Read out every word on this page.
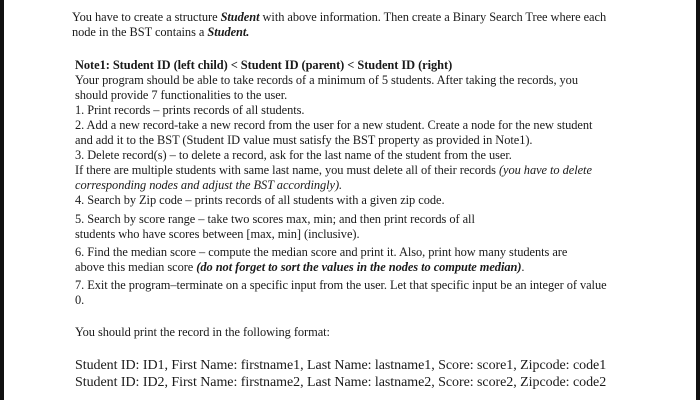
You have to create a structure Student with above information. Then create a Binary Search Tree where each
node in the BST contains a Student.
Note1: Student ID (left child) < Student ID (parent) < Student ID (right)
Your program should be able to take records of a minimum of 5 students. After taking the records, you
should provide 7 functionalities to the user.
1. Print records – prints records of all students.
2. Add a new record-take a new record from the user for a new student. Create a node for the new student
and add it to the BST (Student ID value must satisfy the BST property as provided in Note1).
3. Delete record(s) – to delete a record, ask for the last name of the student from the user.
If there are multiple students with same last name, you must delete all of their records (you have to delete
corresponding nodes and adjust the BST accordingly).
4. Search by Zip code – prints records of all students with a given zip code.
5. Search by score range – take two scores max, min; and then print records of all
students who have scores between [max, min] (inclusive).
6. Find the median score – compute the median score and print it. Also, print how many students are
above this median score (do not forget to sort the values in the nodes to compute median).
7. Exit the program–terminate on a specific input from the user. Let that specific input be an integer of value
0.
You should print the record in the following format:
Student ID: ID1, First Name: firstname1, Last Name: lastname1, Score: score1, Zipcode: code1
Student ID: ID2, First Name: firstname2, Last Name: lastname2, Score: score2, Zipcode: code2
